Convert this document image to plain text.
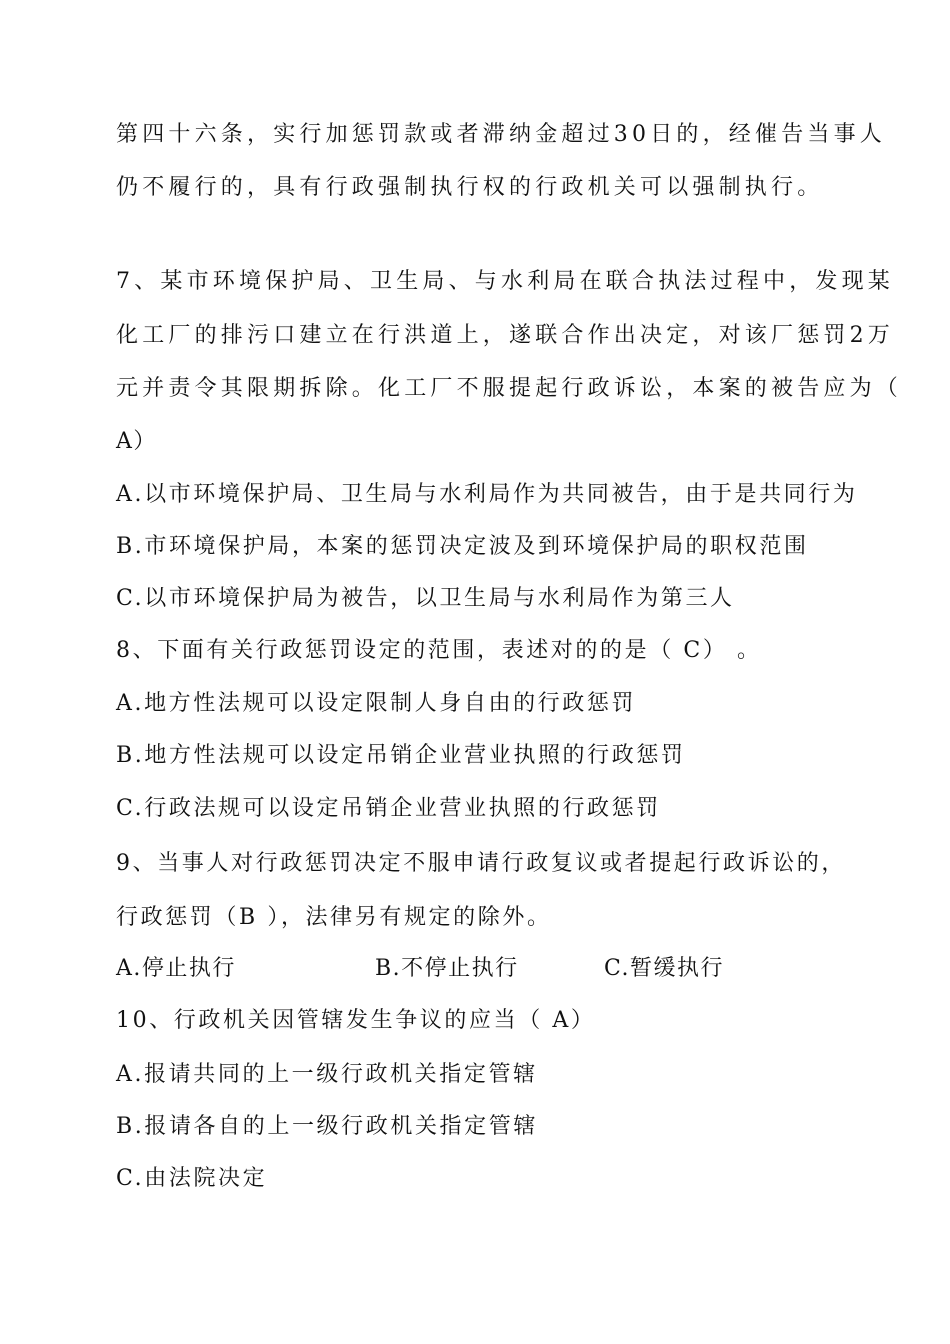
第四十六条，实行加惩罚款或者滞纳金超过30日的，经催告当事人
仍不履行的，具有行政强制执行权的行政机关可以强制执行。
7、某市环境保护局、卫生局、与水利局在联合执法过程中，发现某
化工厂的排污口建立在行洪道上，遂联合作出决定，对该厂惩罚2万
元并责令其限期拆除。化工厂不服提起行政诉讼，本案的被告应为（
A）
A.以市环境保护局、卫生局与水利局作为共同被告，由于是共同行为
B.市环境保护局，本案的惩罚决定波及到环境保护局的职权范围
C.以市环境保护局为被告，以卫生局与水利局作为第三人
8、下面有关行政惩罚设定的范围，表述对的的是（ C） 。
A.地方性法规可以设定限制人身自由的行政惩罚
B.地方性法规可以设定吊销企业营业执照的行政惩罚
C.行政法规可以设定吊销企业营业执照的行政惩罚
9、当事人对行政惩罚决定不服申请行政复议或者提起行政诉讼的，
行政惩罚（B ），法律另有规定的除外。
A.停止执行	B.不停止执行	C.暂缓执行
10、行政机关因管辖发生争议的应当（ A）
A.报请共同的上一级行政机关指定管辖
B.报请各自的上一级行政机关指定管辖
C.由法院决定
